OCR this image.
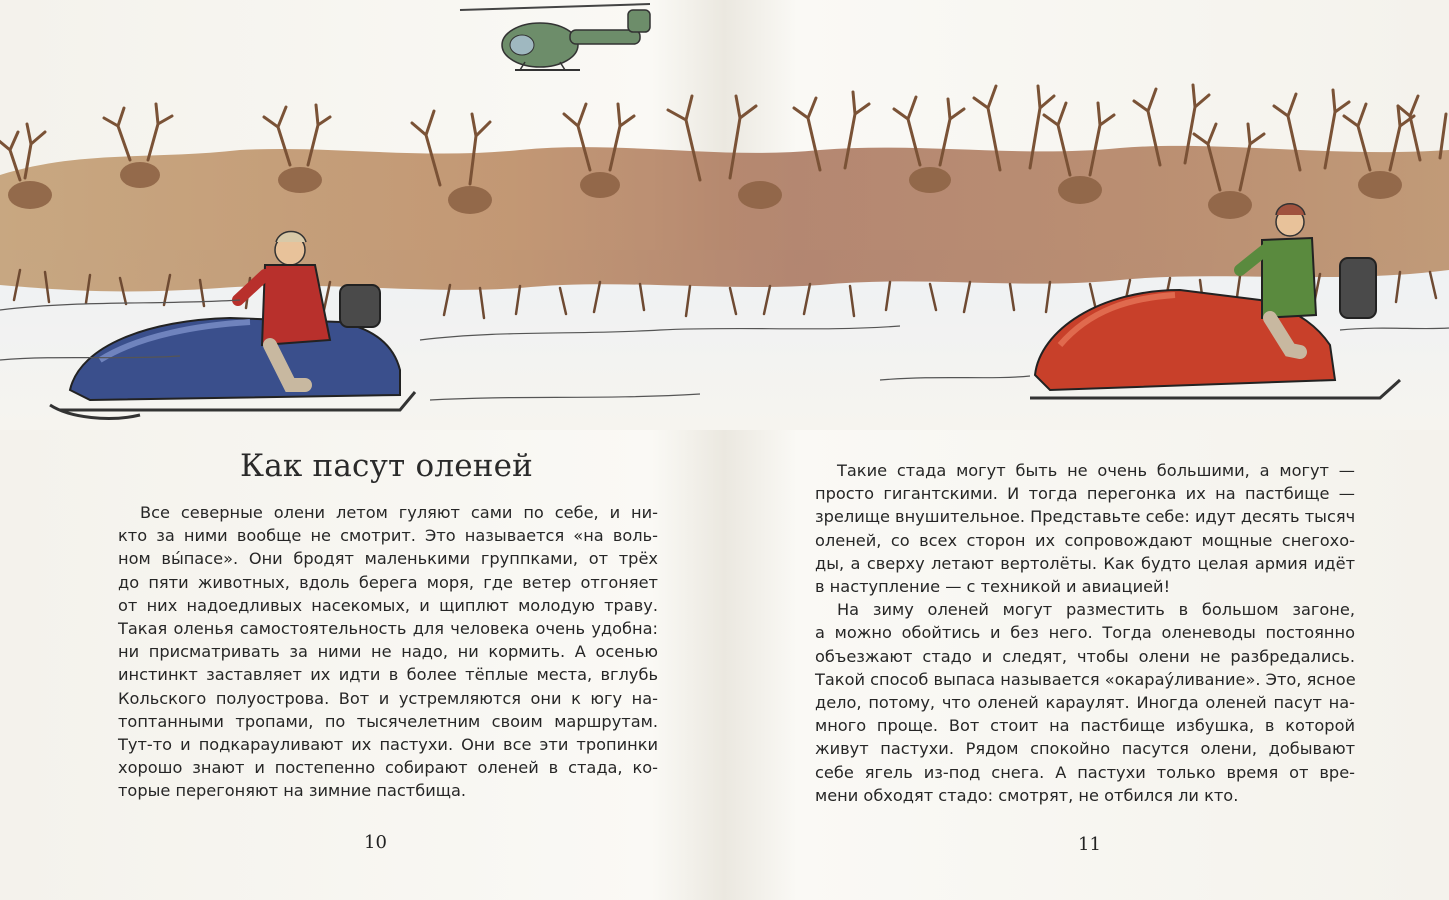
Как пасут оленей
Все северные олени летом гуляют сами по себе, и ни-
кто за ними вообще не смотрит. Это называется «на воль-
ном вы́пасе». Они бродят маленькими группками, от трёх
до пяти животных, вдоль берега моря, где ветер отгоняет
от них надоедливых насекомых, и щиплют молодую траву.
Такая оленья самостоятельность для человека очень удобна:
ни присматривать за ними не надо, ни кормить. А осенью
инстинкт заставляет их идти в более тёплые места, вглубь
Кольского полуострова. Вот и устремляются они к югу на-
топтанными тропами, по тысячелетним своим маршрутам.
Тут-то и подкарауливают их пастухи. Они все эти тропинки
хорошо знают и постепенно собирают оленей в стада, ко-
торые перегоняют на зимние пастбища.
Такие стада могут быть не очень большими, а могут —
просто гигантскими. И тогда перегонка их на пастбище —
зрелище внушительное. Представьте себе: идут десять тысяч
оленей, со всех сторон их сопровождают мощные снегохо-
ды, а сверху летают вертолёты. Как будто целая армия идёт
в наступление — с техникой и авиацией!
На зиму оленей могут разместить в большом загоне,
а можно обойтись и без него. Тогда оленеводы постоянно
объезжают стадо и следят, чтобы олени не разбредались.
Такой способ выпаса называется «окарау́ливание». Это, ясное
дело, потому, что оленей караулят. Иногда оленей пасут на-
много проще. Вот стоит на пастбище избушка, в которой
живут пастухи. Рядом спокойно пасутся олени, добывают
себе ягель из-под снега. А пастухи только время от вре-
мени обходят стадо: смотрят, не отбился ли кто.
10	11
